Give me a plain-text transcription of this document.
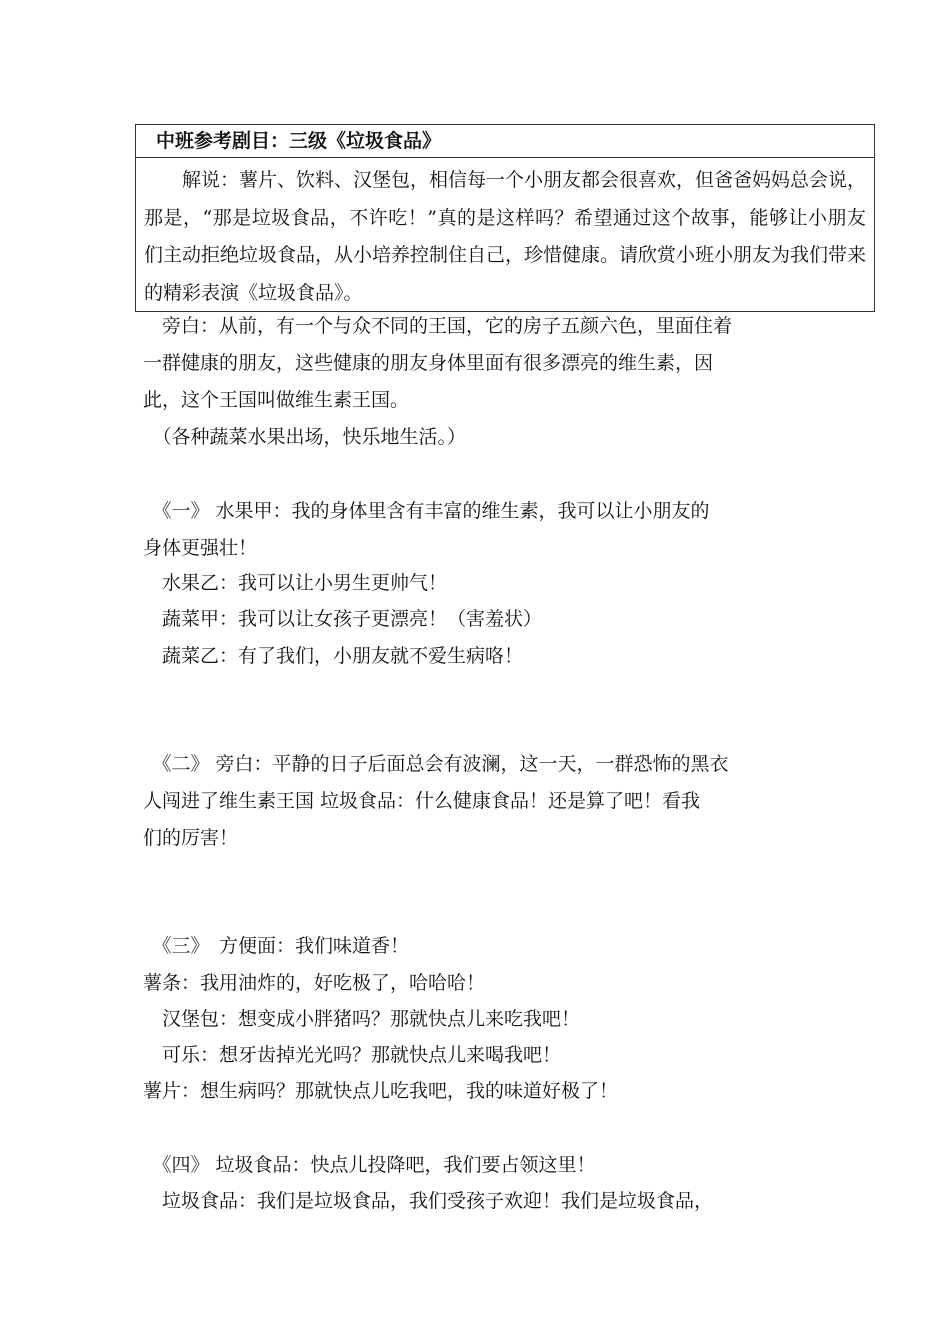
中班参考剧目：三级《垃圾食品》
解说：薯片、饮料、汉堡包，相信每一个小朋友都会很喜欢，但爸爸妈妈总会说，那是，“那是垃圾食品，不许吃！”真的是这样吗？希望通过这个故事，能够让小朋友们主动拒绝垃圾食品，从小培养控制住自己，珍惜健康。请欣赏小班小朋友为我们带来的精彩表演《垃圾食品》。
　旁白：从前，有一个与众不同的王国，它的房子五颜六色，里面住着
一群健康的朋友，这些健康的朋友身体里面有很多漂亮的维生素，因
此，这个王国叫做维生素王国。
　（各种蔬菜水果出场，快乐地生活。）
　《一》 水果甲：我的身体里含有丰富的维生素，我可以让小朋友的
身体更强壮！
　水果乙：我可以让小男生更帅气！
　蔬菜甲：我可以让女孩子更漂亮！（害羞状）
　蔬菜乙：有了我们，小朋友就不爱生病咯！
　《二》 旁白：平静的日子后面总会有波澜，这一天，一群恐怖的黑衣
人闯进了维生素王国 垃圾食品：什么健康食品！还是算了吧！看我
们的厉害！
　《三》　方便面：我们味道香！
薯条：我用油炸的，好吃极了，哈哈哈！
　汉堡包：想变成小胖猪吗？那就快点儿来吃我吧！
　可乐：想牙齿掉光光吗？那就快点儿来喝我吧！
薯片：想生病吗？那就快点儿吃我吧，我的味道好极了！
　《四》 垃圾食品：快点儿投降吧，我们要占领这里！
　垃圾食品：我们是垃圾食品，我们受孩子欢迎！我们是垃圾食品，
